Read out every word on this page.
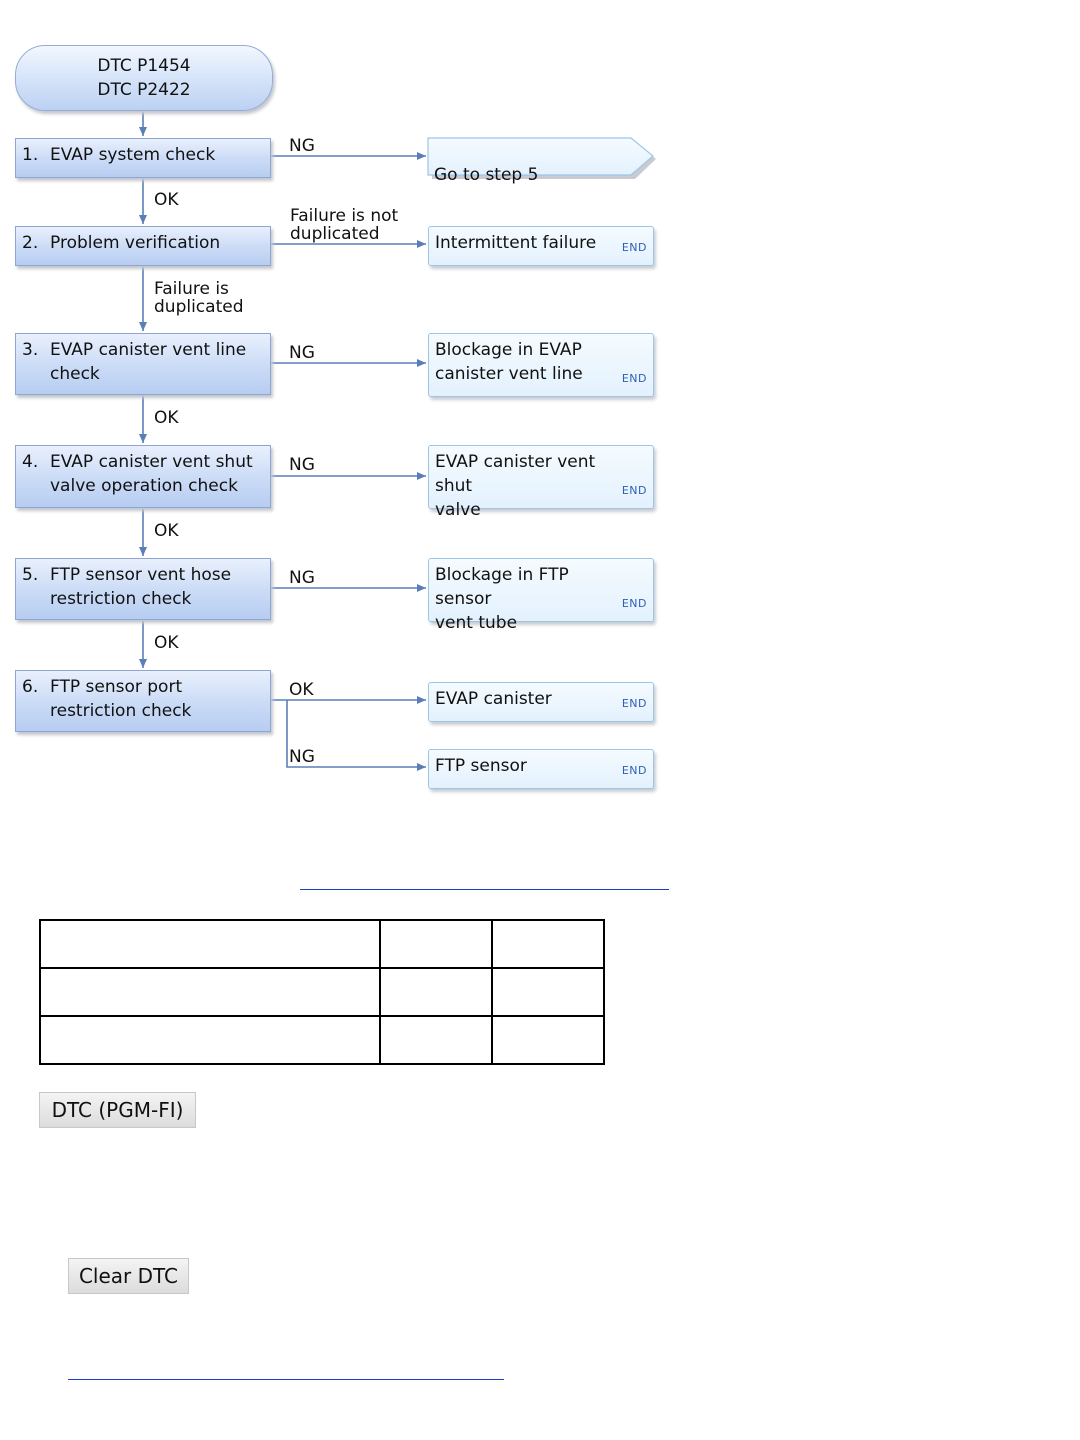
DTC P1454
DTC P2422
1. EVAP system check
2. Problem verification
3. EVAP canister vent line
check
4. EVAP canister vent shut
valve operation check
5. FTP sensor vent hose
restriction check
6. FTP sensor port
restriction check

Go to step 5

Intermittent failure	END
Blockage in EVAP
canister vent line	END
EVAP canister vent shut
valve
END
Blockage in FTP sensor
vent tube
END
EVAP canister	END
FTP sensor	END
NG
OK
Failure is not
duplicated
Failure is
duplicated
NG
OK
NG
OK
NG
OK
OK
NG

DTC (PGM-FI)
Clear DTC
